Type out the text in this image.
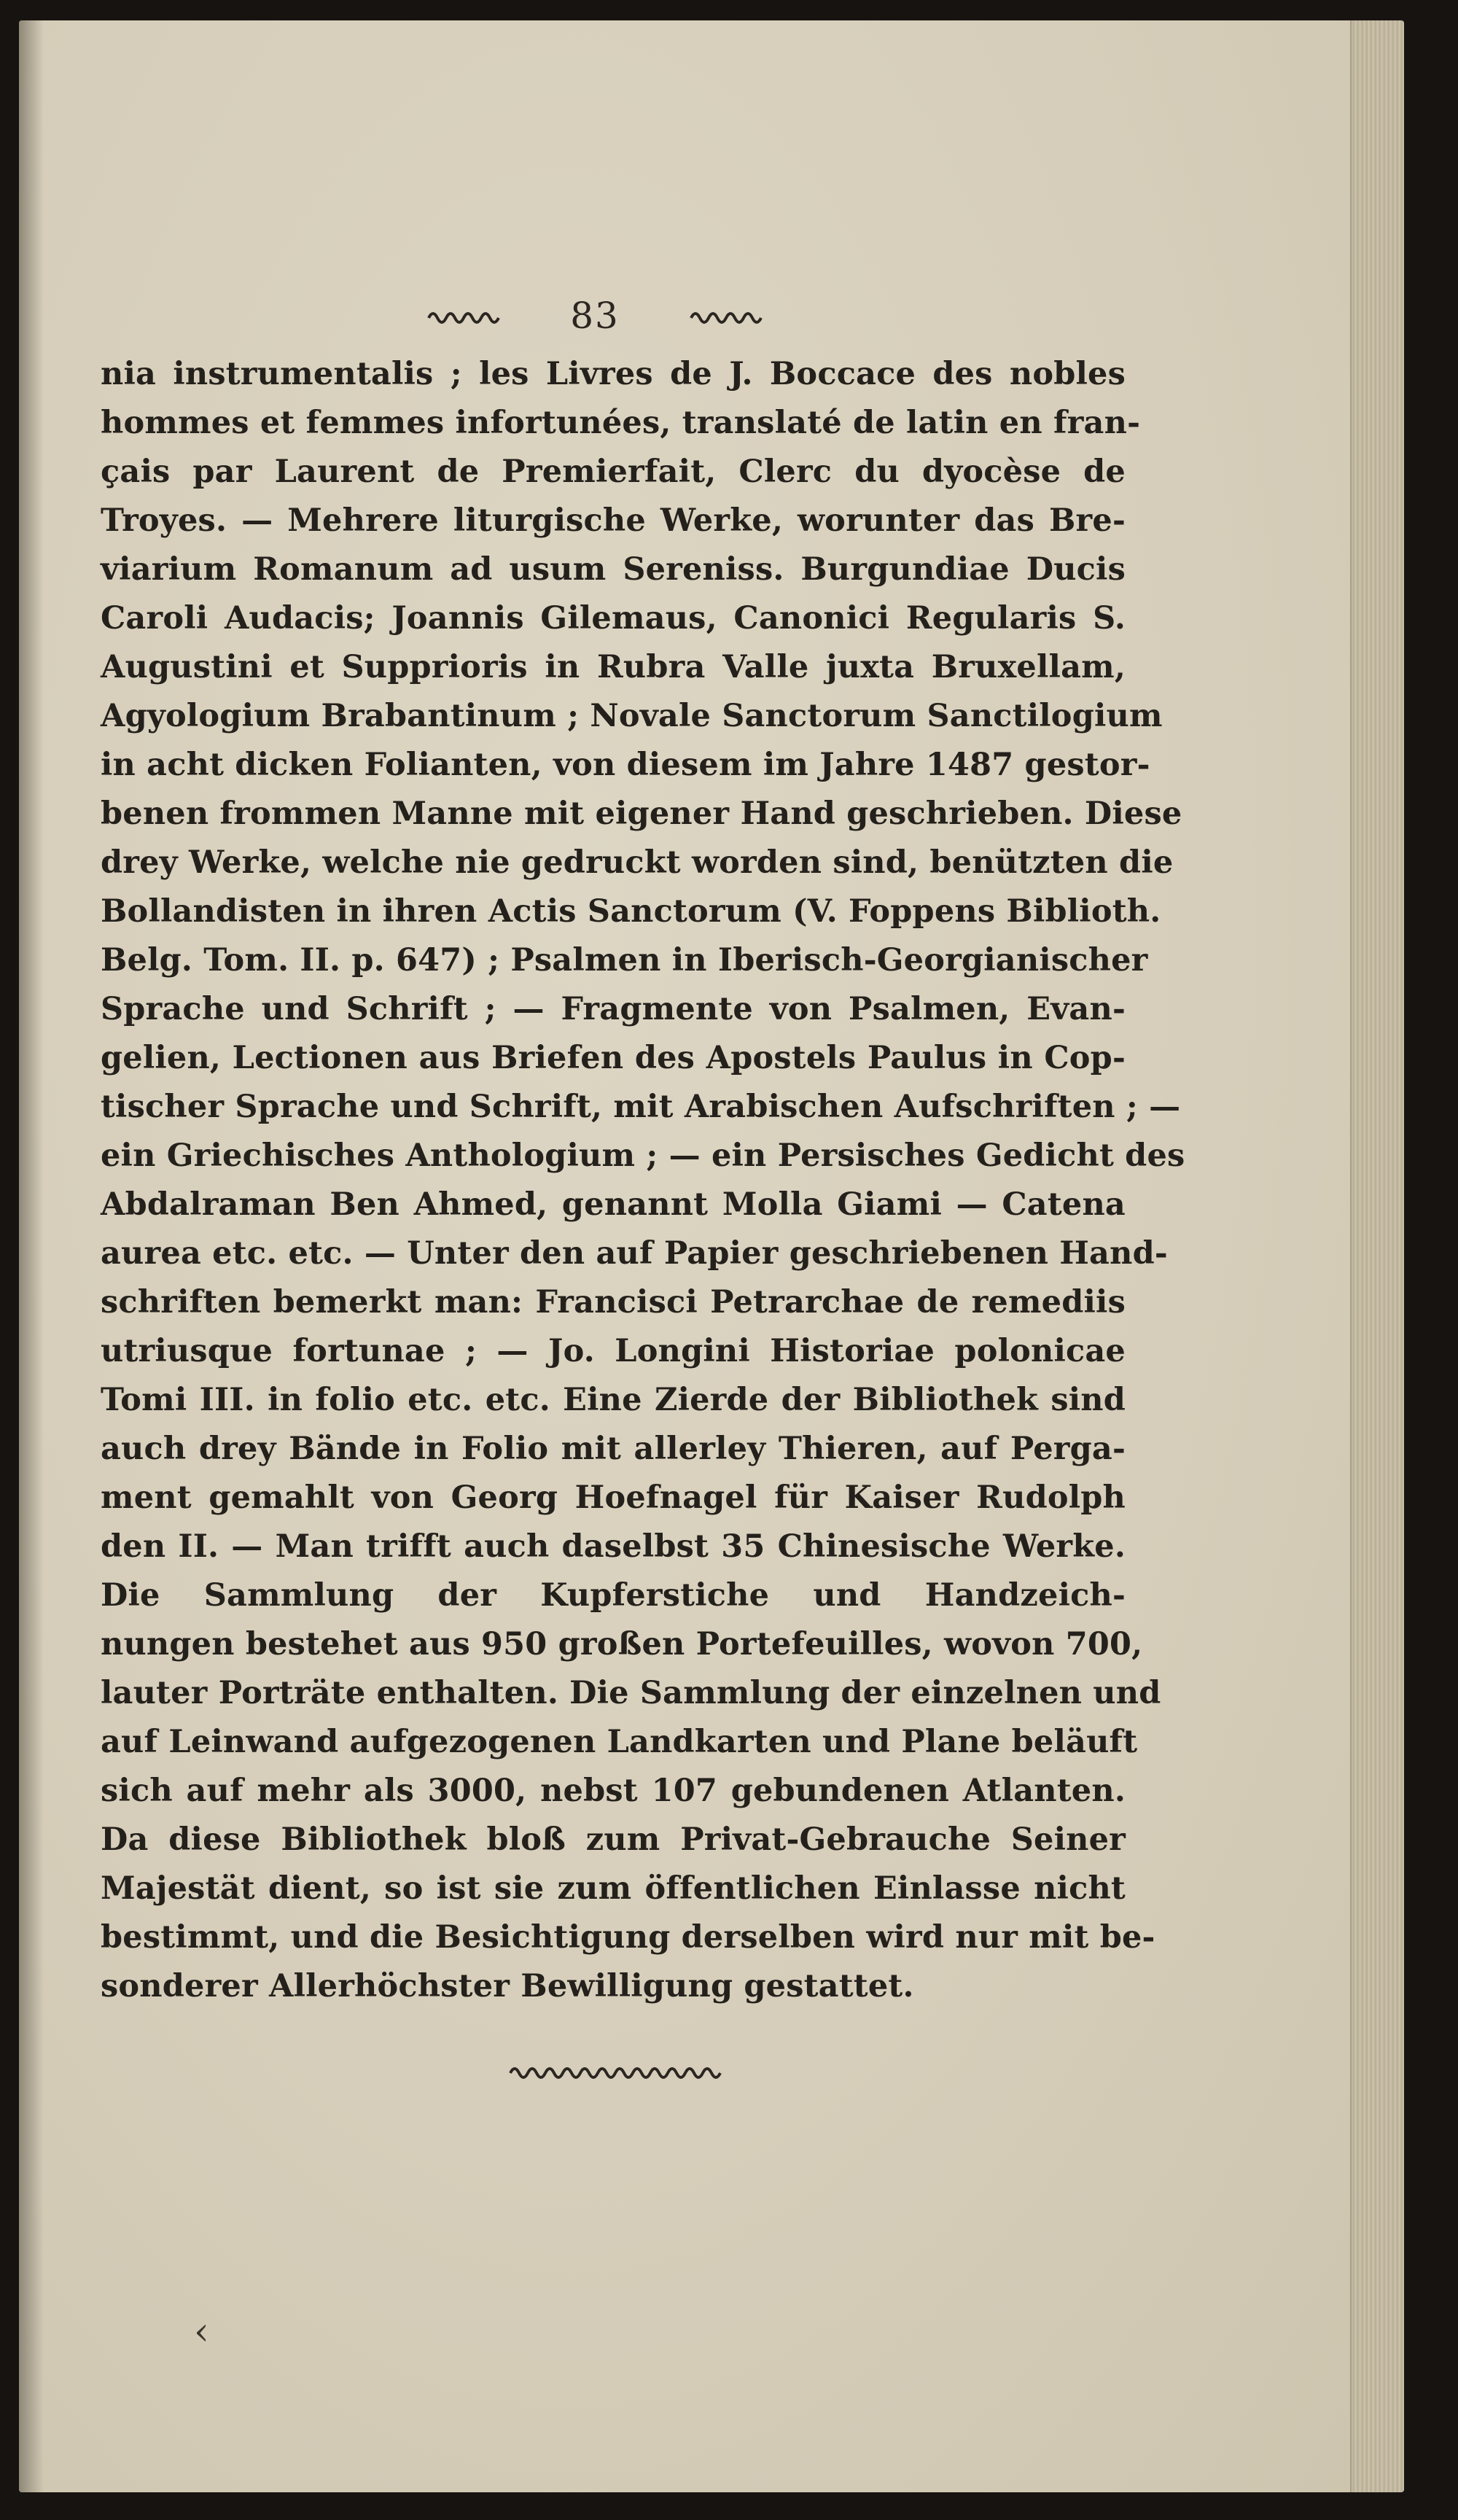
83
nia instrumentalis ; les Livres de J. Boccace des nobles
hommes et femmes infortunées, translaté de latin en fran-
çais par Laurent de Premierfait, Clerc du dyocèse de
Troyes. — Mehrere liturgische Werke, worunter das Bre-
viarium Romanum ad usum Sereniss. Burgundiae Ducis
Caroli Audacis; Joannis Gilemaus, Canonici Regularis S.
Augustini et Supprioris in Rubra Valle juxta Bruxellam,
Agyologium Brabantinum ; Novale Sanctorum Sanctilogium
in acht dicken Folianten, von diesem im Jahre 1487 gestor-
benen frommen Manne mit eigener Hand geschrieben. Diese
drey Werke, welche nie gedruckt worden sind, benützten die
Bollandisten in ihren Actis Sanctorum (V. Foppens Biblioth.
Belg. Tom. II. p. 647) ; Psalmen in Iberisch-Georgianischer
Sprache und Schrift ; — Fragmente von Psalmen, Evan-
gelien, Lectionen aus Briefen des Apostels Paulus in Cop-
tischer Sprache und Schrift, mit Arabischen Aufschriften ; —
ein Griechisches Anthologium ; — ein Persisches Gedicht des
Abdalraman Ben Ahmed, genannt Molla Giami — Catena
aurea etc. etc. — Unter den auf Papier geschriebenen Hand-
schriften bemerkt man: Francisci Petrarchae de remediis
utriusque fortunae ; — Jo. Longini Historiae polonicae
Tomi III. in folio etc. etc. Eine Zierde der Bibliothek sind
auch drey Bände in Folio mit allerley Thieren, auf Perga-
ment gemahlt von Georg Hoefnagel für Kaiser Rudolph
den II. — Man trifft auch daselbst 35 Chinesische Werke.
Die Sammlung der Kupferstiche und Handzeich-
nungen bestehet aus 950 großen Portefeuilles, wovon 700,
lauter Porträte enthalten. Die Sammlung der einzelnen und
auf Leinwand aufgezogenen Landkarten und Plane beläuft
sich auf mehr als 3000, nebst 107 gebundenen Atlanten.
Da diese Bibliothek bloß zum Privat-Gebrauche Seiner
Majestät dient, so ist sie zum öffentlichen Einlasse nicht
bestimmt, und die Besichtigung derselben wird nur mit be-
sonderer Allerhöchster Bewilligung gestattet.
‹
